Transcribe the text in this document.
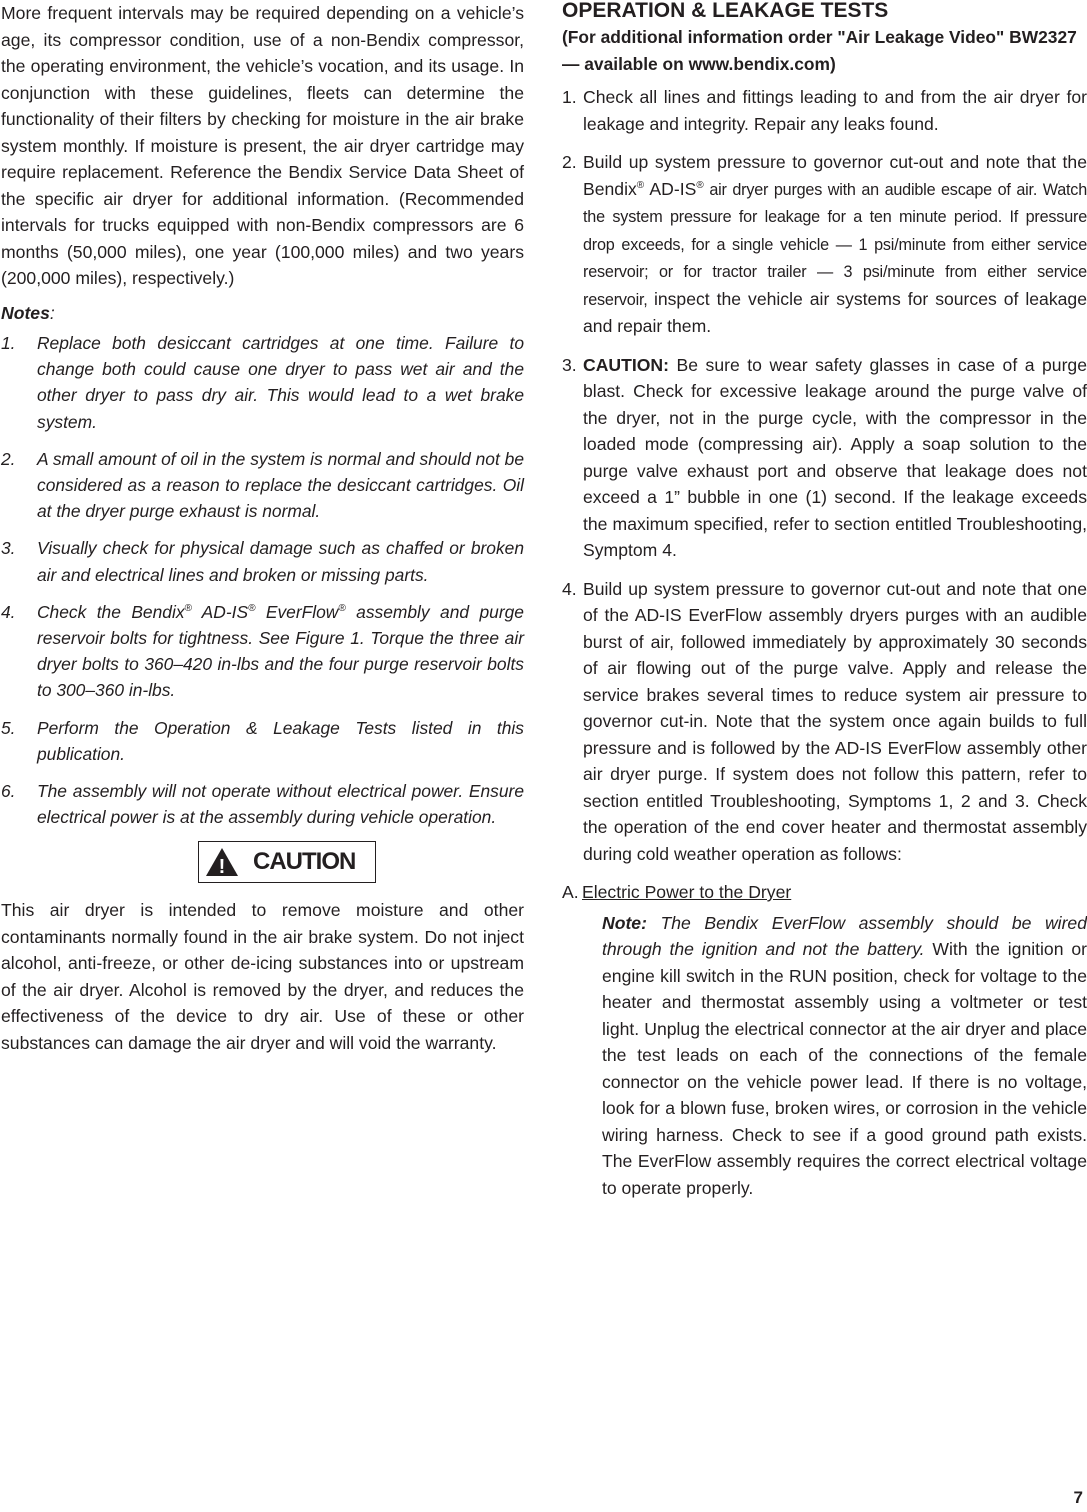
More frequent intervals may be required depending on a vehicle’s age, its compressor condition, use of a non-Bendix compressor, the operating environment, the vehicle’s vocation, and its usage. In conjunction with these guidelines, fleets can determine the functionality of their filters by checking for moisture in the air brake system monthly. If moisture is present, the air dryer cartridge may require replacement. Reference the Bendix Service Data Sheet of the specific air dryer for additional information. (Recommended intervals for trucks equipped with non-Bendix compressors are 6 months (50,000 miles), one year (100,000 miles) and two years (200,000 miles), respectively.)

Notes:

1. Replace both desiccant cartridges at one time. Failure to change both could cause one dryer to pass wet air and the other dryer to pass dry air. This would lead to a wet brake system.
2. A small amount of oil in the system is normal and should not be considered as a reason to replace the desiccant cartridges. Oil at the dryer purge exhaust is normal.
3. Visually check for physical damage such as chaffed or broken air and electrical lines and broken or missing parts.
4. Check the Bendix® AD-IS® EverFlow® assembly and purge reservoir bolts for tightness. See Figure 1. Torque the three air dryer bolts to 360–420 in-lbs and the four purge reservoir bolts to 300–360 in-lbs.
5. Perform the Operation & Leakage Tests listed in this publication.
6. The assembly will not operate without electrical power. Ensure electrical power is at the assembly during vehicle operation.
! CAUTION

This air dryer is intended to remove moisture and other contaminants normally found in the air brake system. Do not inject alcohol, anti-freeze, or other de-icing substances into or upstream of the air dryer. Alcohol is removed by the dryer, and reduces the effectiveness of the device to dry air. Use of these or other substances can damage the air dryer and will void the warranty.

OPERATION & LEAKAGE TESTS

(For additional information order "Air Leakage Video" BW2327 — available on www.bendix.com)

1. Check all lines and fittings leading to and from the air dryer for leakage and integrity. Repair any leaks found.
2. Build up system pressure to governor cut-out and note that the Bendix® AD-IS® air dryer purges with an audible escape of air. Watch the system pressure for leakage for a ten minute period. If pressure drop exceeds, for a single vehicle — 1 psi/minute from either service reservoir; or for tractor trailer — 3 psi/minute from either service reservoir, inspect the vehicle air systems for sources of leakage and repair them.
3. CAUTION: Be sure to wear safety glasses in case of a purge blast. Check for excessive leakage around the purge valve of the dryer, not in the purge cycle, with the compressor in the loaded mode (compressing air). Apply a soap solution to the purge valve exhaust port and observe that leakage does not exceed a 1” bubble in one (1) second. If the leakage exceeds the maximum specified, refer to section entitled Troubleshooting, Symptom 4.
4. Build up system pressure to governor cut-out and note that one of the AD-IS EverFlow assembly dryers purges with an audible burst of air, followed immediately by approximately 30 seconds of air flowing out of the purge valve. Apply and release the service brakes several times to reduce system air pressure to governor cut-in. Note that the system once again builds to full pressure and is followed by the AD-IS EverFlow assembly other air dryer purge. If system does not follow this pattern, refer to section entitled Troubleshooting, Symptoms 1, 2 and 3. Check the operation of the end cover heater and thermostat assembly during cold weather operation as follows:
A. Electric Power to the Dryer

Note: The Bendix EverFlow assembly should be wired through the ignition and not the battery. With the ignition or engine kill switch in the RUN position, check for voltage to the heater and thermostat assembly using a voltmeter or test light. Unplug the electrical connector at the air dryer and place the test leads on each of the connections of the female connector on the vehicle power lead. If there is no voltage, look for a blown fuse, broken wires, or corrosion in the vehicle wiring harness. Check to see if a good ground path exists. The EverFlow assembly requires the correct electrical voltage to operate properly.

7
